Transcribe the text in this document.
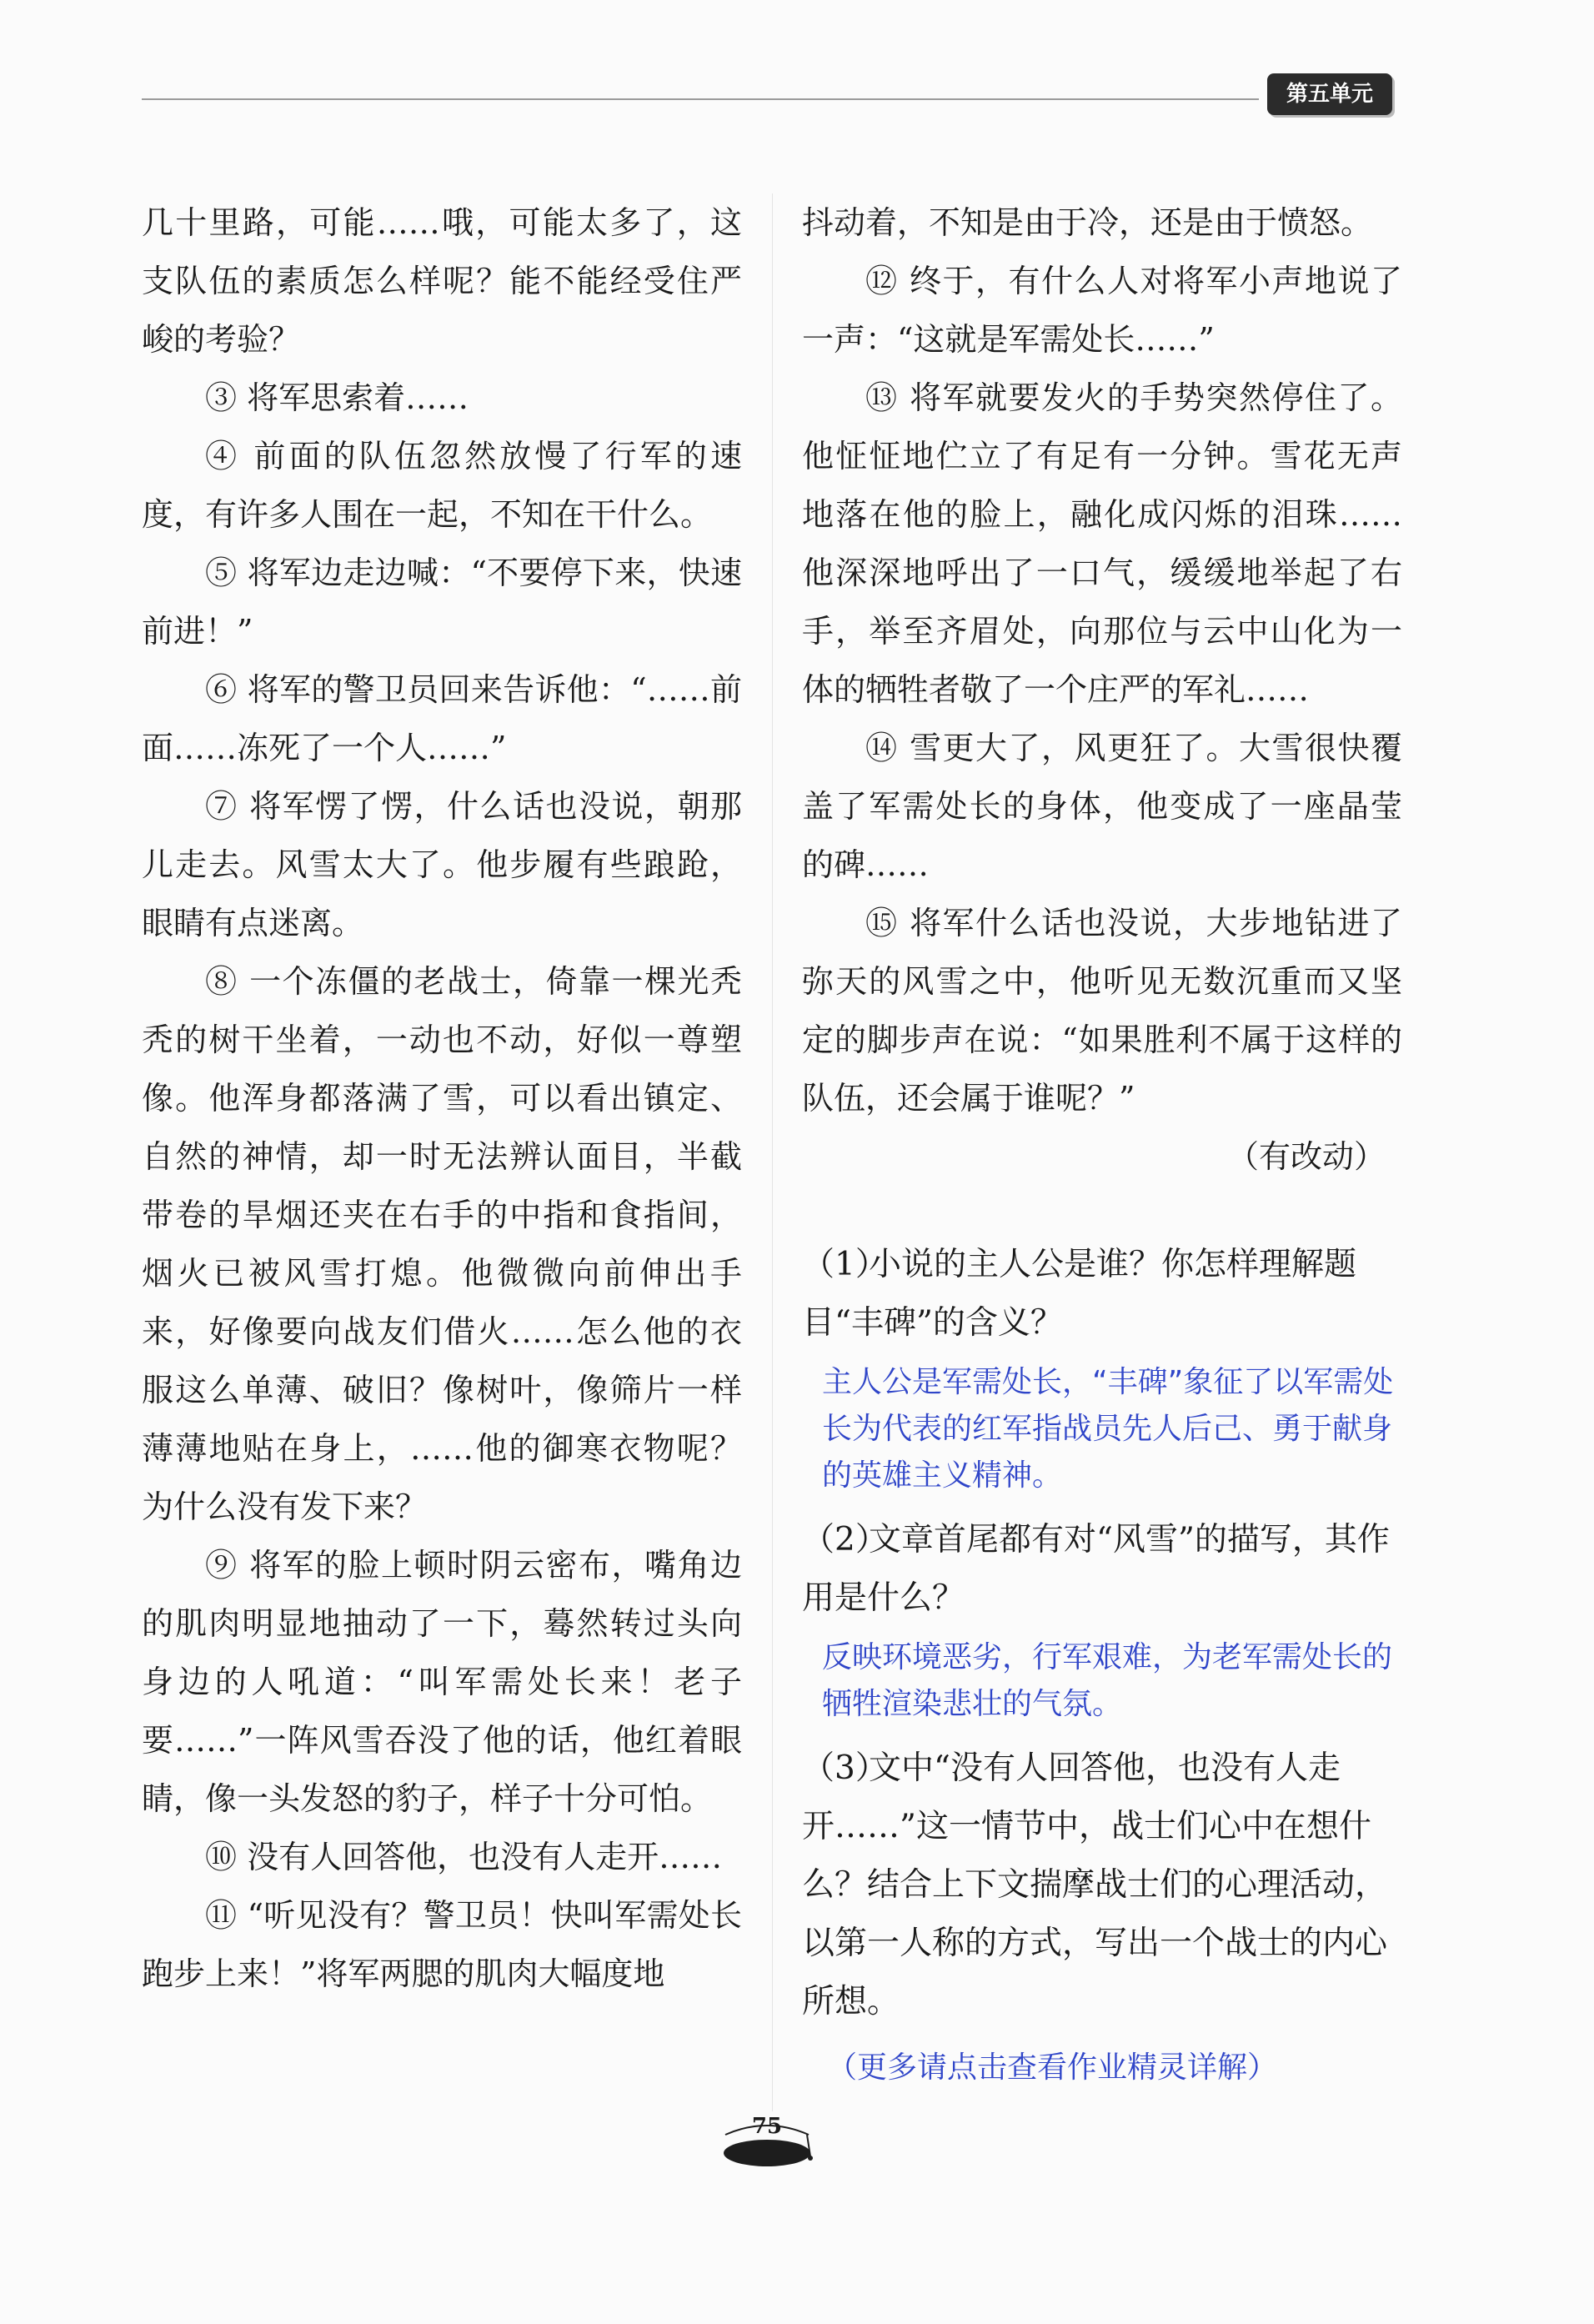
第五单元

几十里路，可能……哦，可能太多了，这支队伍的素质怎么样呢？能不能经受住严峻的考验？

③ 将军思索着……

④ 前面的队伍忽然放慢了行军的速度，有许多人围在一起，不知在干什么。

⑤ 将军边走边喊：“不要停下来，快速前进！”

⑥ 将军的警卫员回来告诉他：“……前面……冻死了一个人……”

⑦ 将军愣了愣，什么话也没说，朝那儿走去。风雪太大了。他步履有些踉跄，眼睛有点迷离。

⑧ 一个冻僵的老战士，倚靠一棵光秃秃的树干坐着，一动也不动，好似一尊塑像。他浑身都落满了雪，可以看出镇定、自然的神情，却一时无法辨认面目，半截带卷的旱烟还夹在右手的中指和食指间，烟火已被风雪打熄。他微微向前伸出手来，好像要向战友们借火……怎么他的衣服这么单薄、破旧？像树叶，像筛片一样薄薄地贴在身上，……他的御寒衣物呢？为什么没有发下来？

⑨ 将军的脸上顿时阴云密布，嘴角边的肌肉明显地抽动了一下，蓦然转过头向身边的人吼道：“叫军需处长来！老子要……”一阵风雪吞没了他的话，他红着眼睛，像一头发怒的豹子，样子十分可怕。

⑩ 没有人回答他，也没有人走开……

⑪ “听见没有？警卫员！快叫军需处长跑步上来！”将军两腮的肌肉大幅度地

抖动着，不知是由于冷，还是由于愤怒。

⑫ 终于，有什么人对将军小声地说了一声：“这就是军需处长……”

⑬ 将军就要发火的手势突然停住了。他怔怔地伫立了有足有一分钟。雪花无声地落在他的脸上，融化成闪烁的泪珠……他深深地呼出了一口气，缓缓地举起了右手，举至齐眉处，向那位与云中山化为一体的牺牲者敬了一个庄严的军礼……

⑭ 雪更大了，风更狂了。大雪很快覆盖了军需处长的身体，他变成了一座晶莹的碑……

⑮ 将军什么话也没说，大步地钻进了弥天的风雪之中，他听见无数沉重而又坚定的脚步声在说：“如果胜利不属于这样的队伍，还会属于谁呢？”

（有改动）

（1）小说的主人公是谁？你怎样理解题目“丰碑”的含义？

主人公是军需处长，“丰碑”象征了以军需处长为代表的红军指战员先人后己、勇于献身的英雄主义精神。

（2）文章首尾都有对“风雪”的描写，其作用是什么？

反映环境恶劣，行军艰难，为老军需处长的牺牲渲染悲壮的气氛。

（3）文中“没有人回答他，也没有人走开……”这一情节中，战士们心中在想什么？结合上下文揣摩战士们的心理活动，以第一人称的方式，写出一个战士的内心所想。

（更多请点击查看作业精灵详解）
75
